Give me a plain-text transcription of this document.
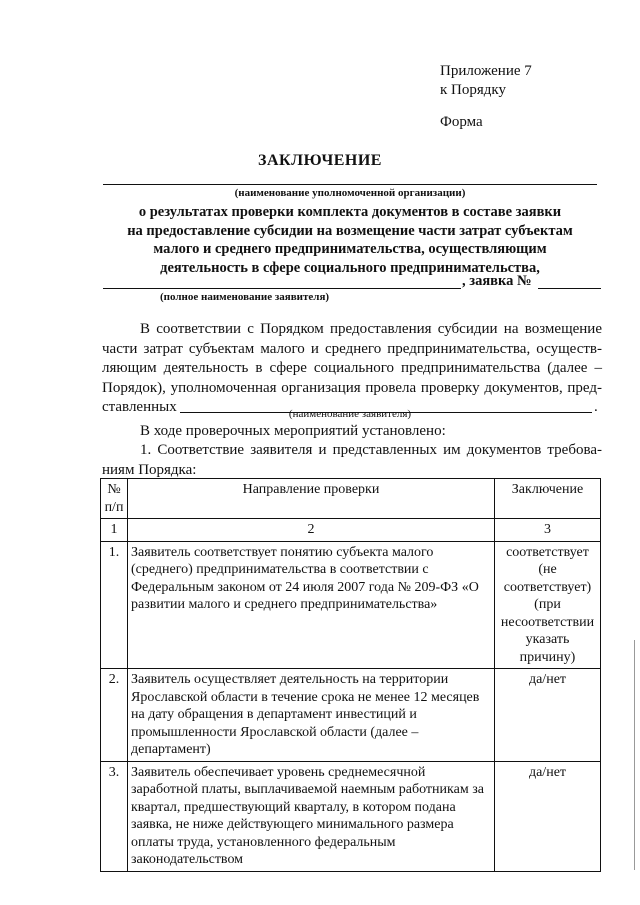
Приложение 7
к Порядку
Форма
ЗАКЛЮЧЕНИЕ
(наименование уполномоченной организации)
о результатах проверки комплекта документов в составе заявки
на предоставление субсидии на возмещение части затрат субъектам
малого и среднего предпринимательства, осуществляющим
деятельность в сфере социального предпринимательства,
, заявка №
(полное наименование заявителя)
В соответствии с Порядком предоставления субсидии на возмещение
части затрат субъектам малого и среднего предпринимательства, осуществ-
ляющим деятельность в сфере социального предпринимательства (далее –
Порядок), уполномоченная организация провела проверку документов, пред-
ставленных	.
(наименование заявителя)
В ходе проверочных мероприятий установлено:
1. Соответствие заявителя и представленных им документов требова-
ниям Порядка:
№
п/п	Направление проверки	Заключение
1	2	3
1.	Заявитель соответствует понятию субъекта малого (среднего) предпринимательства в соответствии с Федеральным законом от 24 июля 2007 года № 209-ФЗ «О развитии малого и среднего предпринимательства»	соответствует (не соответствует) (при несоответствии указать причину)
2.	Заявитель осуществляет деятельность на территории Ярославской области в течение срока не менее 12 месяцев на дату обращения в департамент инвестиций и промышленности Ярославской области (далее – департамент)	да/нет
3.	Заявитель обеспечивает уровень среднемесячной заработной платы, выплачиваемой наемным работникам за квартал, предшествующий кварталу, в котором подана заявка, не ниже действующего минимального размера оплаты труда, установленного федеральным законодательством	да/нет
